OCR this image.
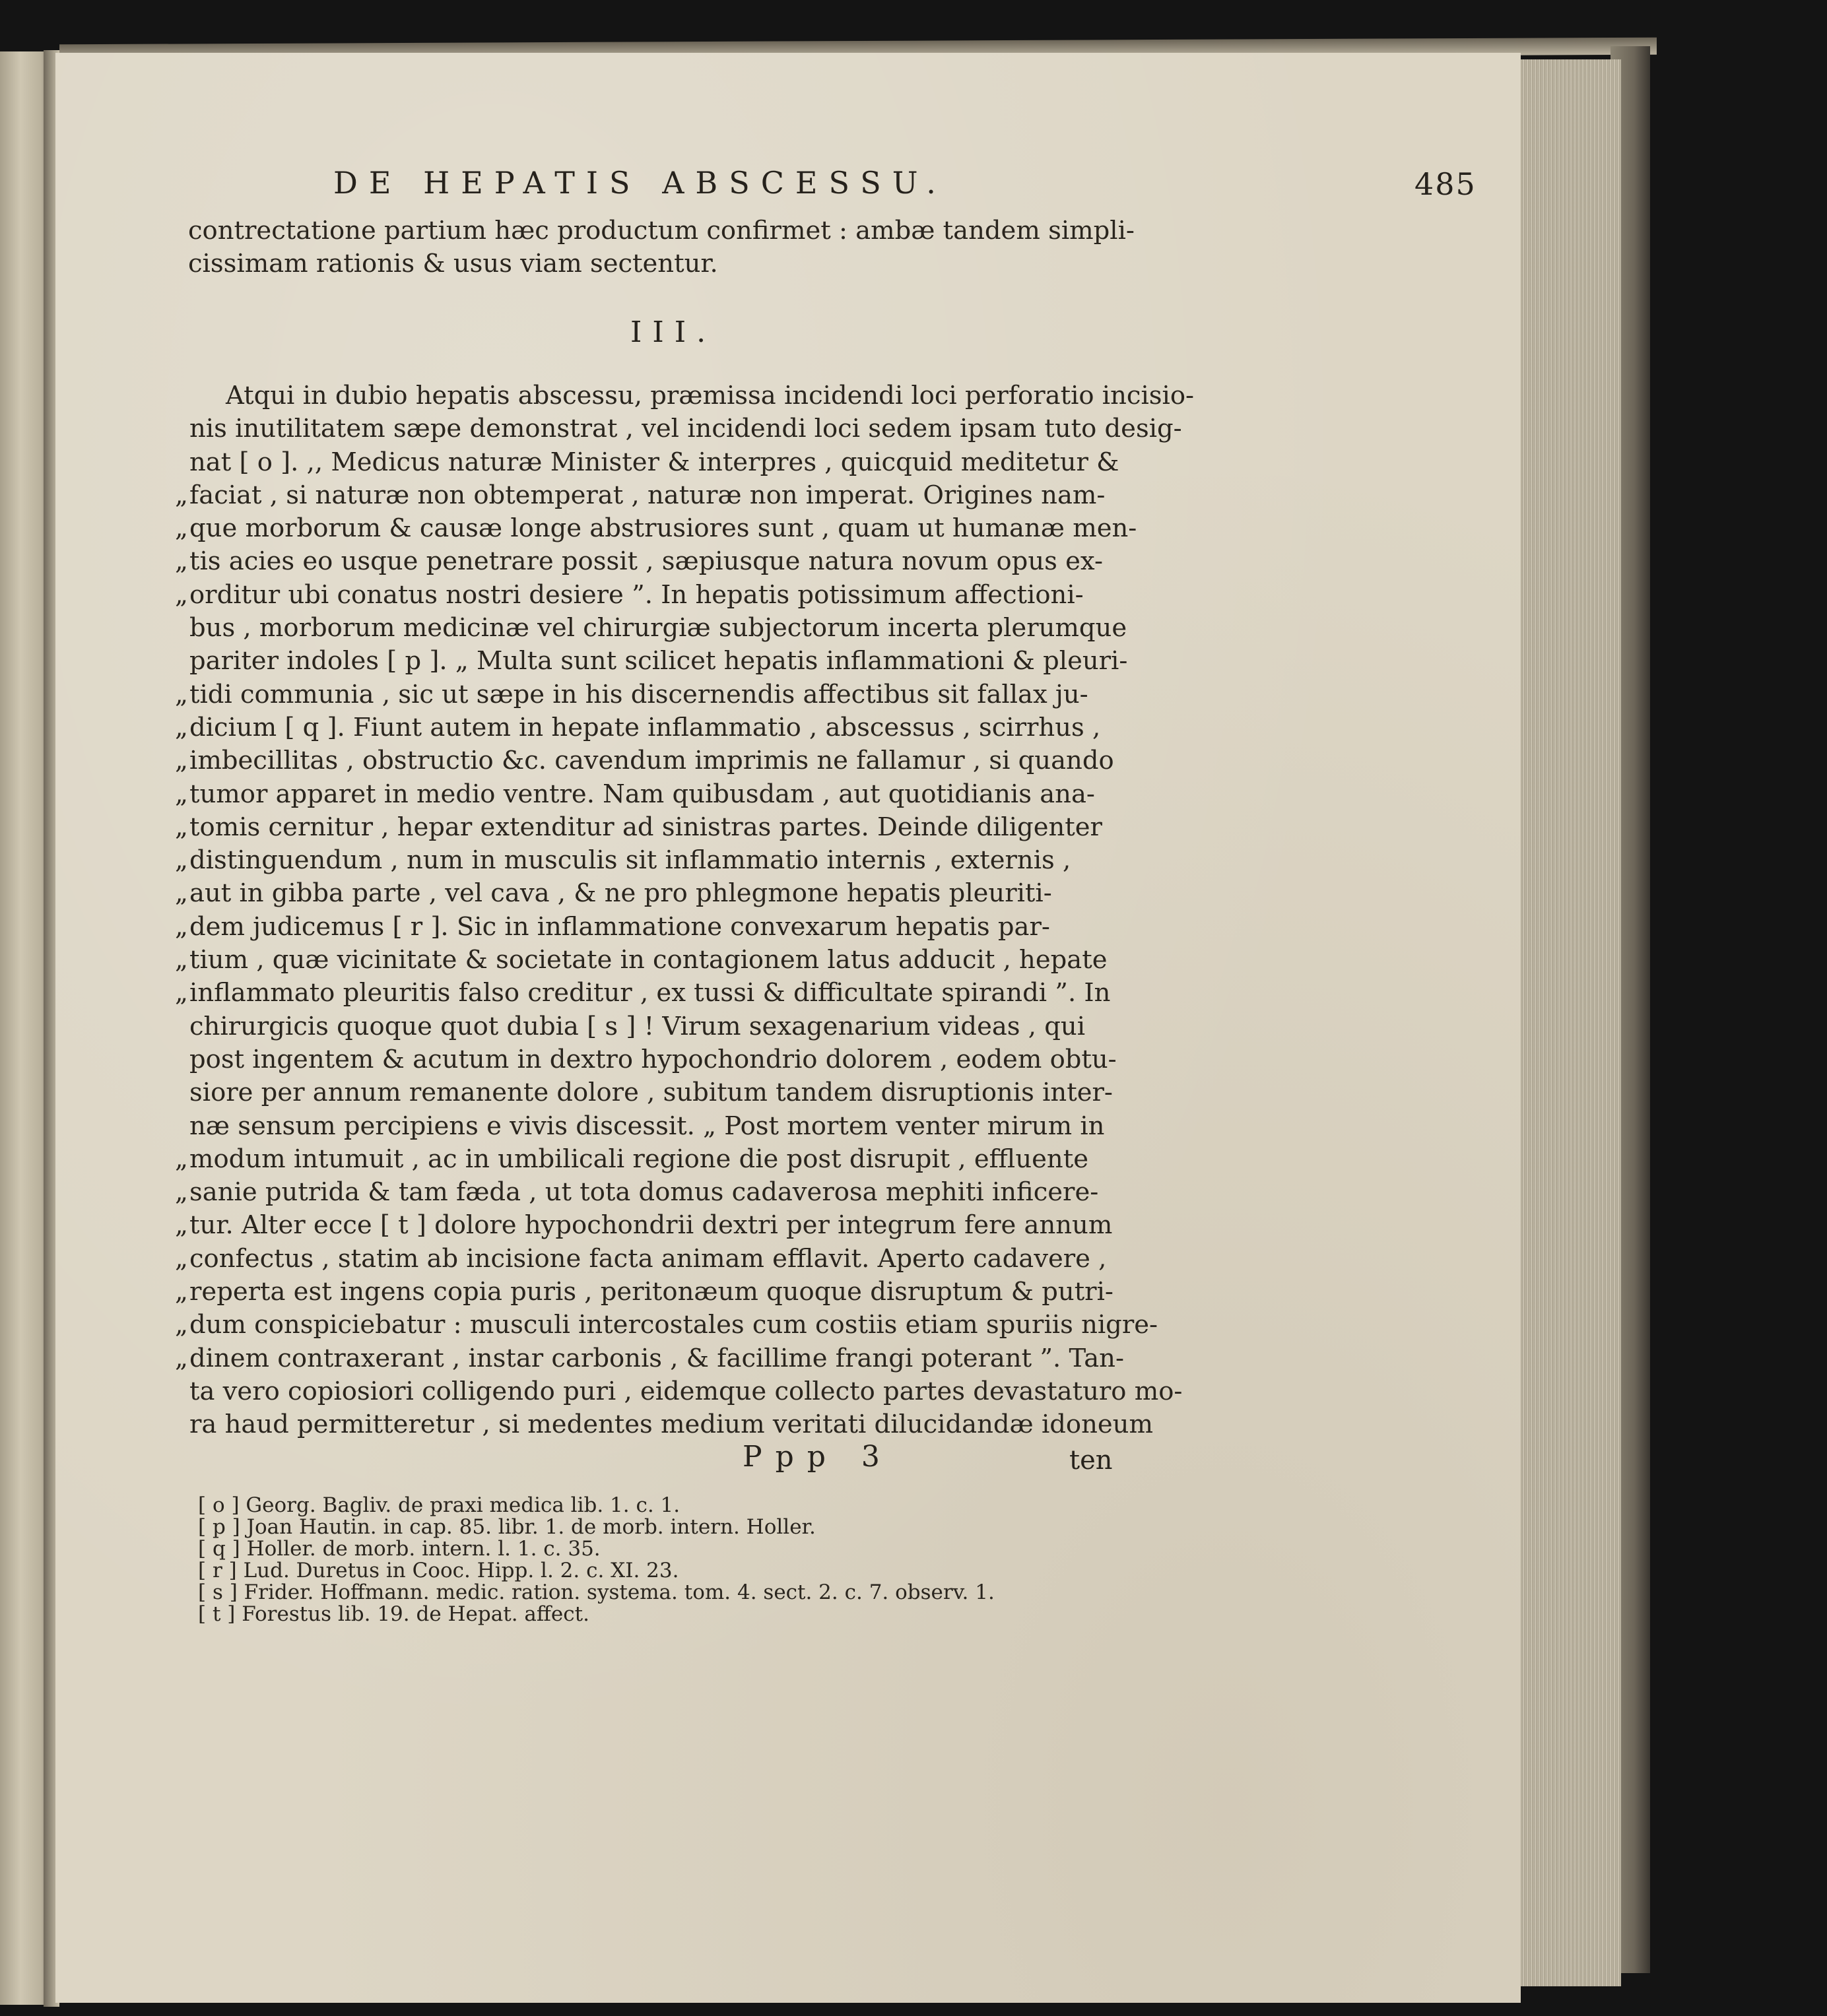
DE HEPATIS ABSCESSU.	485
contrectatione partium hæc productum confirmet : ambæ tandem simpli-
cissimam rationis & usus viam sectentur.
III.
Atqui in dubio hepatis abscessu, præmissa incidendi loci perforatio incisio-
nis inutilitatem sæpe demonstrat , vel incidendi loci sedem ipsam tuto desig-
nat [ o ]. ,, Medicus naturæ Minister & interpres , quicquid meditetur &
„faciat , si naturæ non obtemperat , naturæ non imperat. Origines nam-
„que morborum & causæ longe abstrusiores sunt , quam ut humanæ men-
„tis acies eo usque penetrare possit , sæpiusque natura novum opus ex-
„orditur ubi conatus nostri desiere ”. In hepatis potissimum affectioni-
bus , morborum medicinæ vel chirurgiæ subjectorum incerta plerumque
pariter indoles [ p ]. „ Multa sunt scilicet hepatis inflammationi & pleuri-
„tidi communia , sic ut sæpe in his discernendis affectibus sit fallax ju-
„dicium [ q ]. Fiunt autem in hepate inflammatio , abscessus , scirrhus ,
„imbecillitas , obstructio &c. cavendum imprimis ne fallamur , si quando
„tumor apparet in medio ventre. Nam quibusdam , aut quotidianis ana-
„tomis cernitur , hepar extenditur ad sinistras partes. Deinde diligenter
„distinguendum , num in musculis sit inflammatio internis , externis ,
„aut in gibba parte , vel cava , & ne pro phlegmone hepatis pleuriti-
„dem judicemus [ r ]. Sic in inflammatione convexarum hepatis par-
„tium , quæ vicinitate & societate in contagionem latus adducit , hepate
„inflammato pleuritis falso creditur , ex tussi & difficultate spirandi ”. In
chirurgicis quoque quot dubia [ s ] ! Virum sexagenarium videas , qui
post ingentem & acutum in dextro hypochondrio dolorem , eodem obtu-
siore per annum remanente dolore , subitum tandem disruptionis inter-
næ sensum percipiens e vivis discessit. „ Post mortem venter mirum in
„modum intumuit , ac in umbilicali regione die post disrupit , effluente
„sanie putrida & tam fæda , ut tota domus cadaverosa mephiti inficere-
„tur. Alter ecce [ t ] dolore hypochondrii dextri per integrum fere annum
„confectus , statim ab incisione facta animam efflavit. Aperto cadavere ,
„reperta est ingens copia puris , peritonæum quoque disruptum & putri-
„dum conspiciebatur : musculi intercostales cum costiis etiam spuriis nigre-
„dinem contraxerant , instar carbonis , & facillime frangi poterant ”. Tan-
ta vero copiosiori colligendo puri , eidemque collecto partes devastaturo mo-
ra haud permitteretur , si medentes medium veritati dilucidandæ idoneum
Ppp 3	ten
[ o ] Georg. Bagliv. de praxi medica lib. 1. c. 1.
[ p ] Joan Hautin. in cap. 85. libr. 1. de morb. intern. Holler.
[ q ] Holler. de morb. intern. l. 1. c. 35.
[ r ] Lud. Duretus in Cooc. Hipp. l. 2. c. XI. 23.
[ s ] Frider. Hoffmann. medic. ration. systema. tom. 4. sect. 2. c. 7. observ. 1.
[ t ] Forestus lib. 19. de Hepat. affect.
